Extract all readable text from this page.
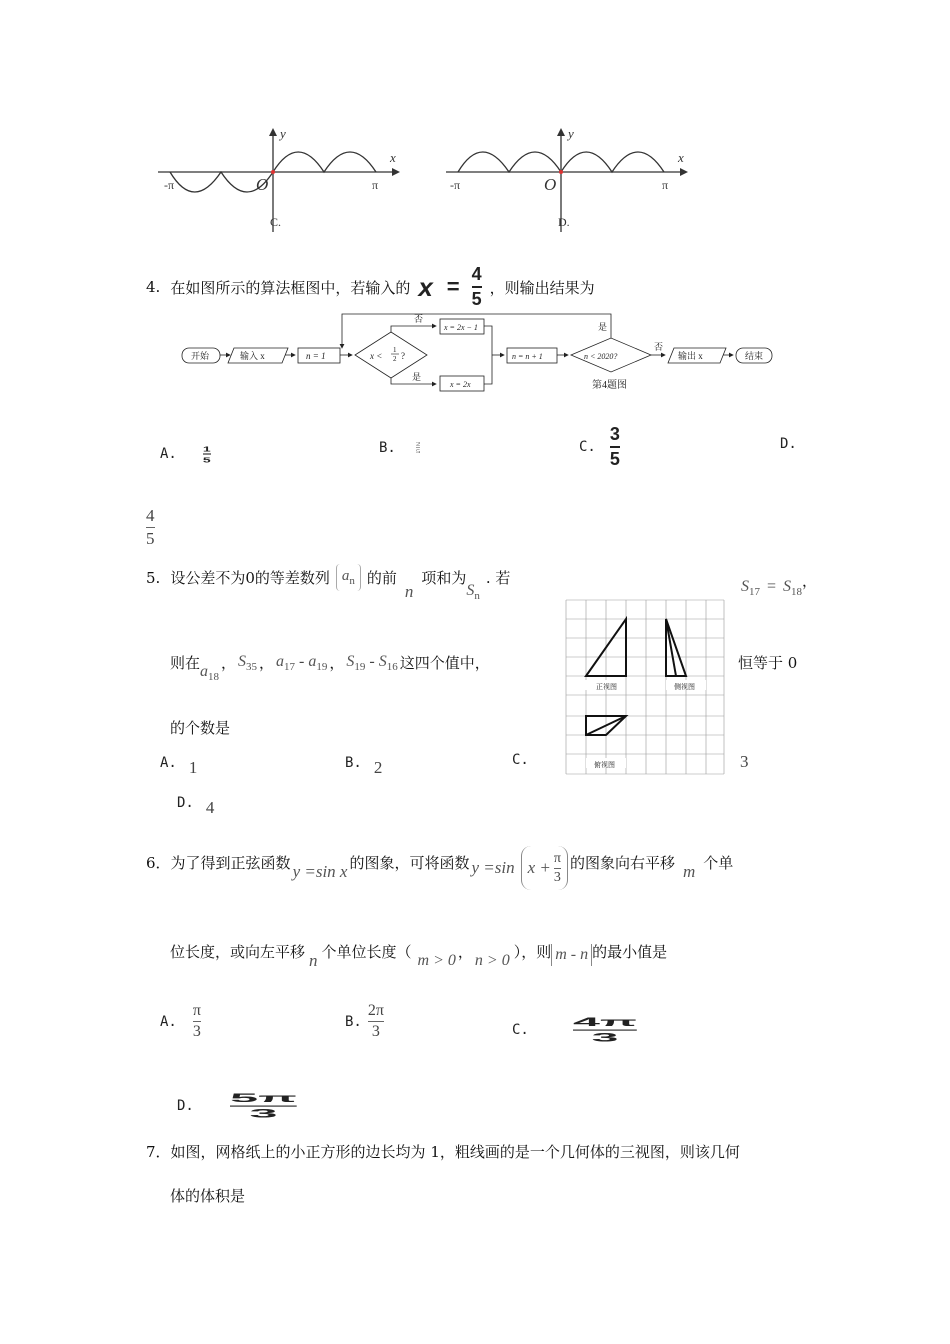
y
x
-π	π
O
C.
y
x
-π	π
O
D.
4. 在如图所示的算法框图中，若输入的 $x = \frac{4}{5}$ ，则输出结果为
开始	输入 x	n = 1	x <
1
2 ?
否
是
x = 2x − 1
x = 2x
n = n + 1	n < 2020?
是
否
输出 x	结束
第4题图
A. $\frac{1}{5}$	B. $\frac{2}{5}$	C. $\frac{3}{5}$	D.
4
5
5. 设公差不为0的等差数列 $a_n$ 的前
n
项和为
$S_n$
. 若	$S_{17} = S_{18}$
，
则在 $a_{18}$
， $S_{35}$ ， $a_{17} - a_{19}$ ， $S_{19} - S_{16}$ 这四个值中，	恒等于 0
的个数是
正视图	侧视图
俯视图
A. 1	B. 2	C.	3
D. 4
6． 为了得到正弦函数 y =sin x 的图象，可将函数 y =sin $x + \frac{\pi}{3}$ 的图象向右平移 m 个单
位长度，或向左平移 n 个单位长度（ m > 0 ， n > 0 ），则 m - n 的最小值是
A. $\frac{\pi}{3}$	B. $\frac{2\pi}{3}$	C. $\frac{4\pi}{3}$
D. $\frac{5\pi}{3}$
7．如图，网格纸上的小正方形的边长均为 1，粗线画的是一个几何体的三视图，则该几何
体的体积是
